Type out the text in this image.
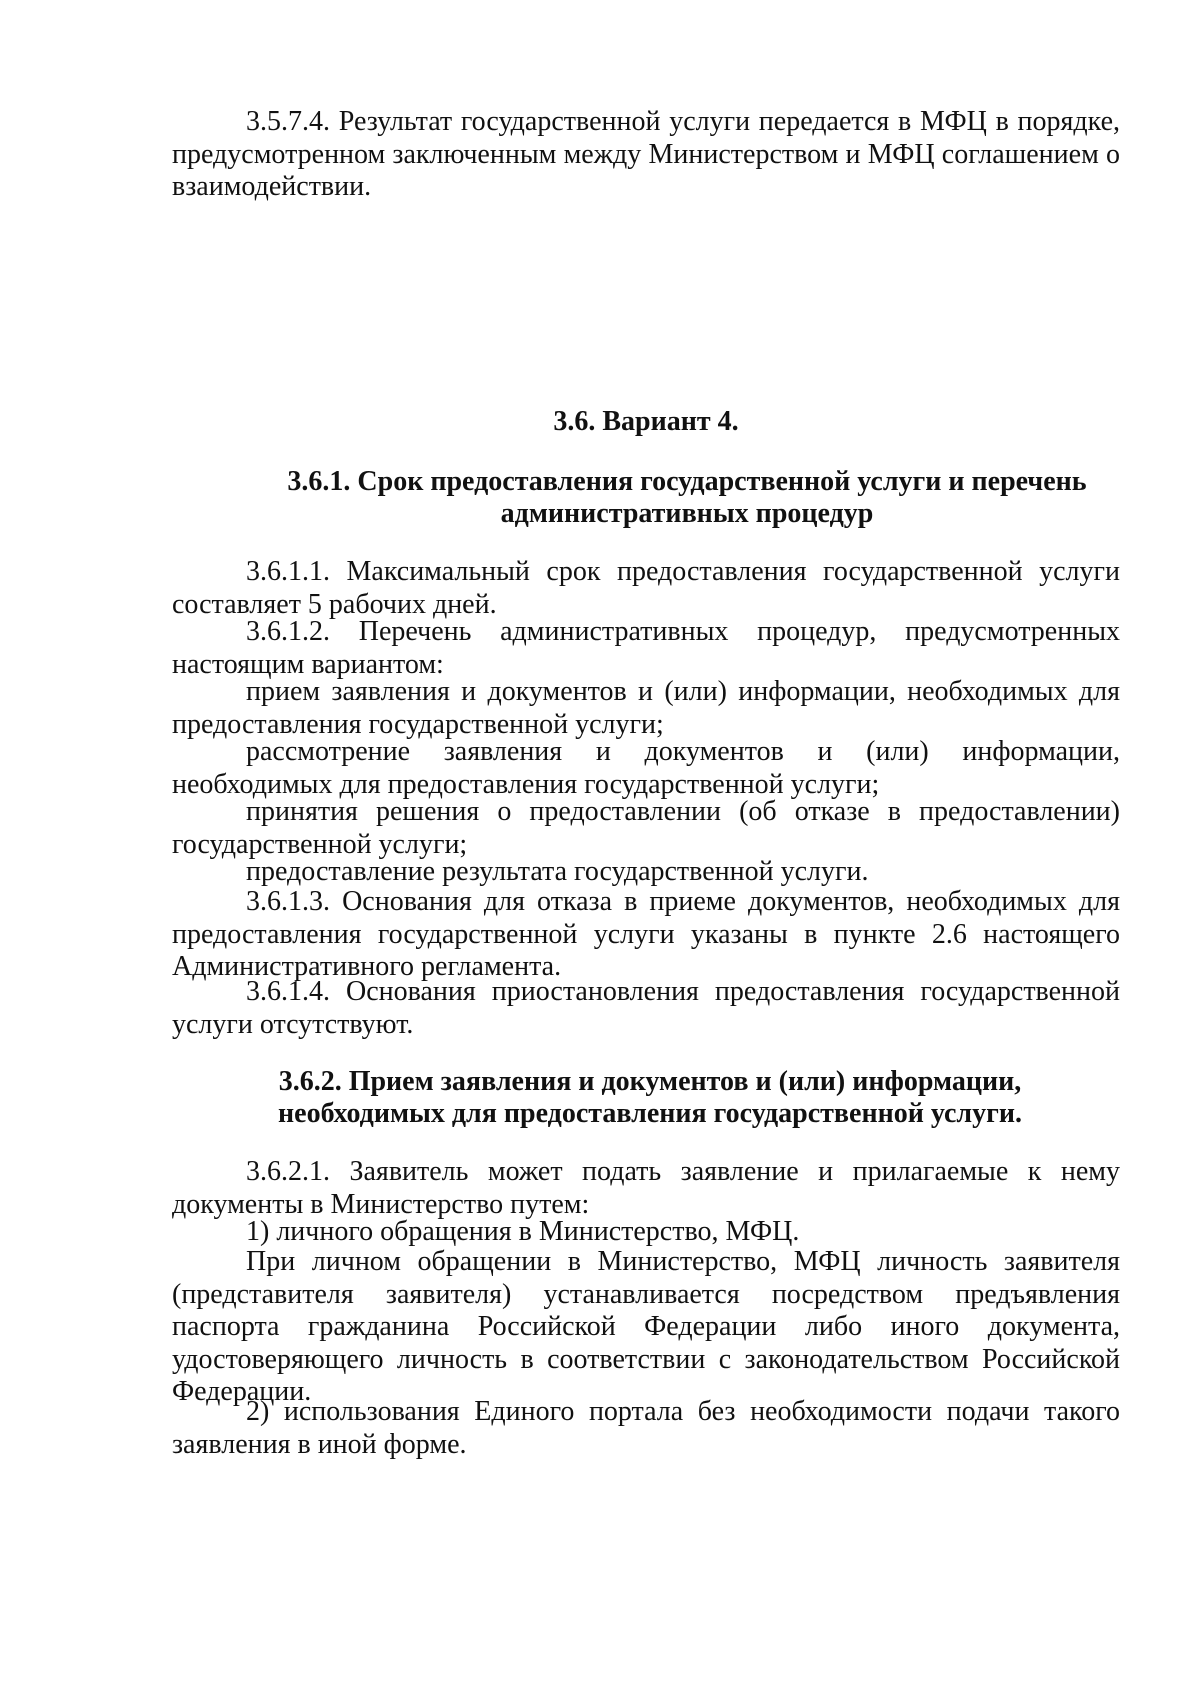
3.5.7.4. Результат государственной услуги передается в МФЦ в порядке, предусмотренном заключенным между Министерством и МФЦ соглашением о взаимодействии.

3.6. Вариант 4.
3.6.1. Срок предоставления государственной услуги и перечень административных процедур

3.6.1.1. Максимальный срок предоставления государственной услуги составляет 5 рабочих дней.

3.6.1.2. Перечень административных процедур, предусмотренных настоящим вариантом:

прием заявления и документов и (или) информации, необходимых для предоставления государственной услуги;

рассмотрение заявления и документов и (или) информации, необходимых для предоставления государственной услуги;

принятия решения о предоставлении (об отказе в предоставлении) государственной услуги;

предоставление результата государственной услуги.

3.6.1.3. Основания для отказа в приеме документов, необходимых для предоставления государственной услуги указаны в пункте 2.6 настоящего Административного регламента.

3.6.1.4. Основания приостановления предоставления государственной услуги отсутствуют.

3.6.2. Прием заявления и документов и (или) информации, необходимых для предоставления государственной услуги.

3.6.2.1. Заявитель может подать заявление и прилагаемые к нему документы в Министерство путем:

1) личного обращения в Министерство, МФЦ.

При личном обращении в Министерство, МФЦ личность заявителя (представителя заявителя) устанавливается посредством предъявления паспорта гражданина Российской Федерации либо иного документа, удостоверяющего личность в соответствии с законодательством Российской Федерации.

2) использования Единого портала без необходимости подачи такого заявления в иной форме.
